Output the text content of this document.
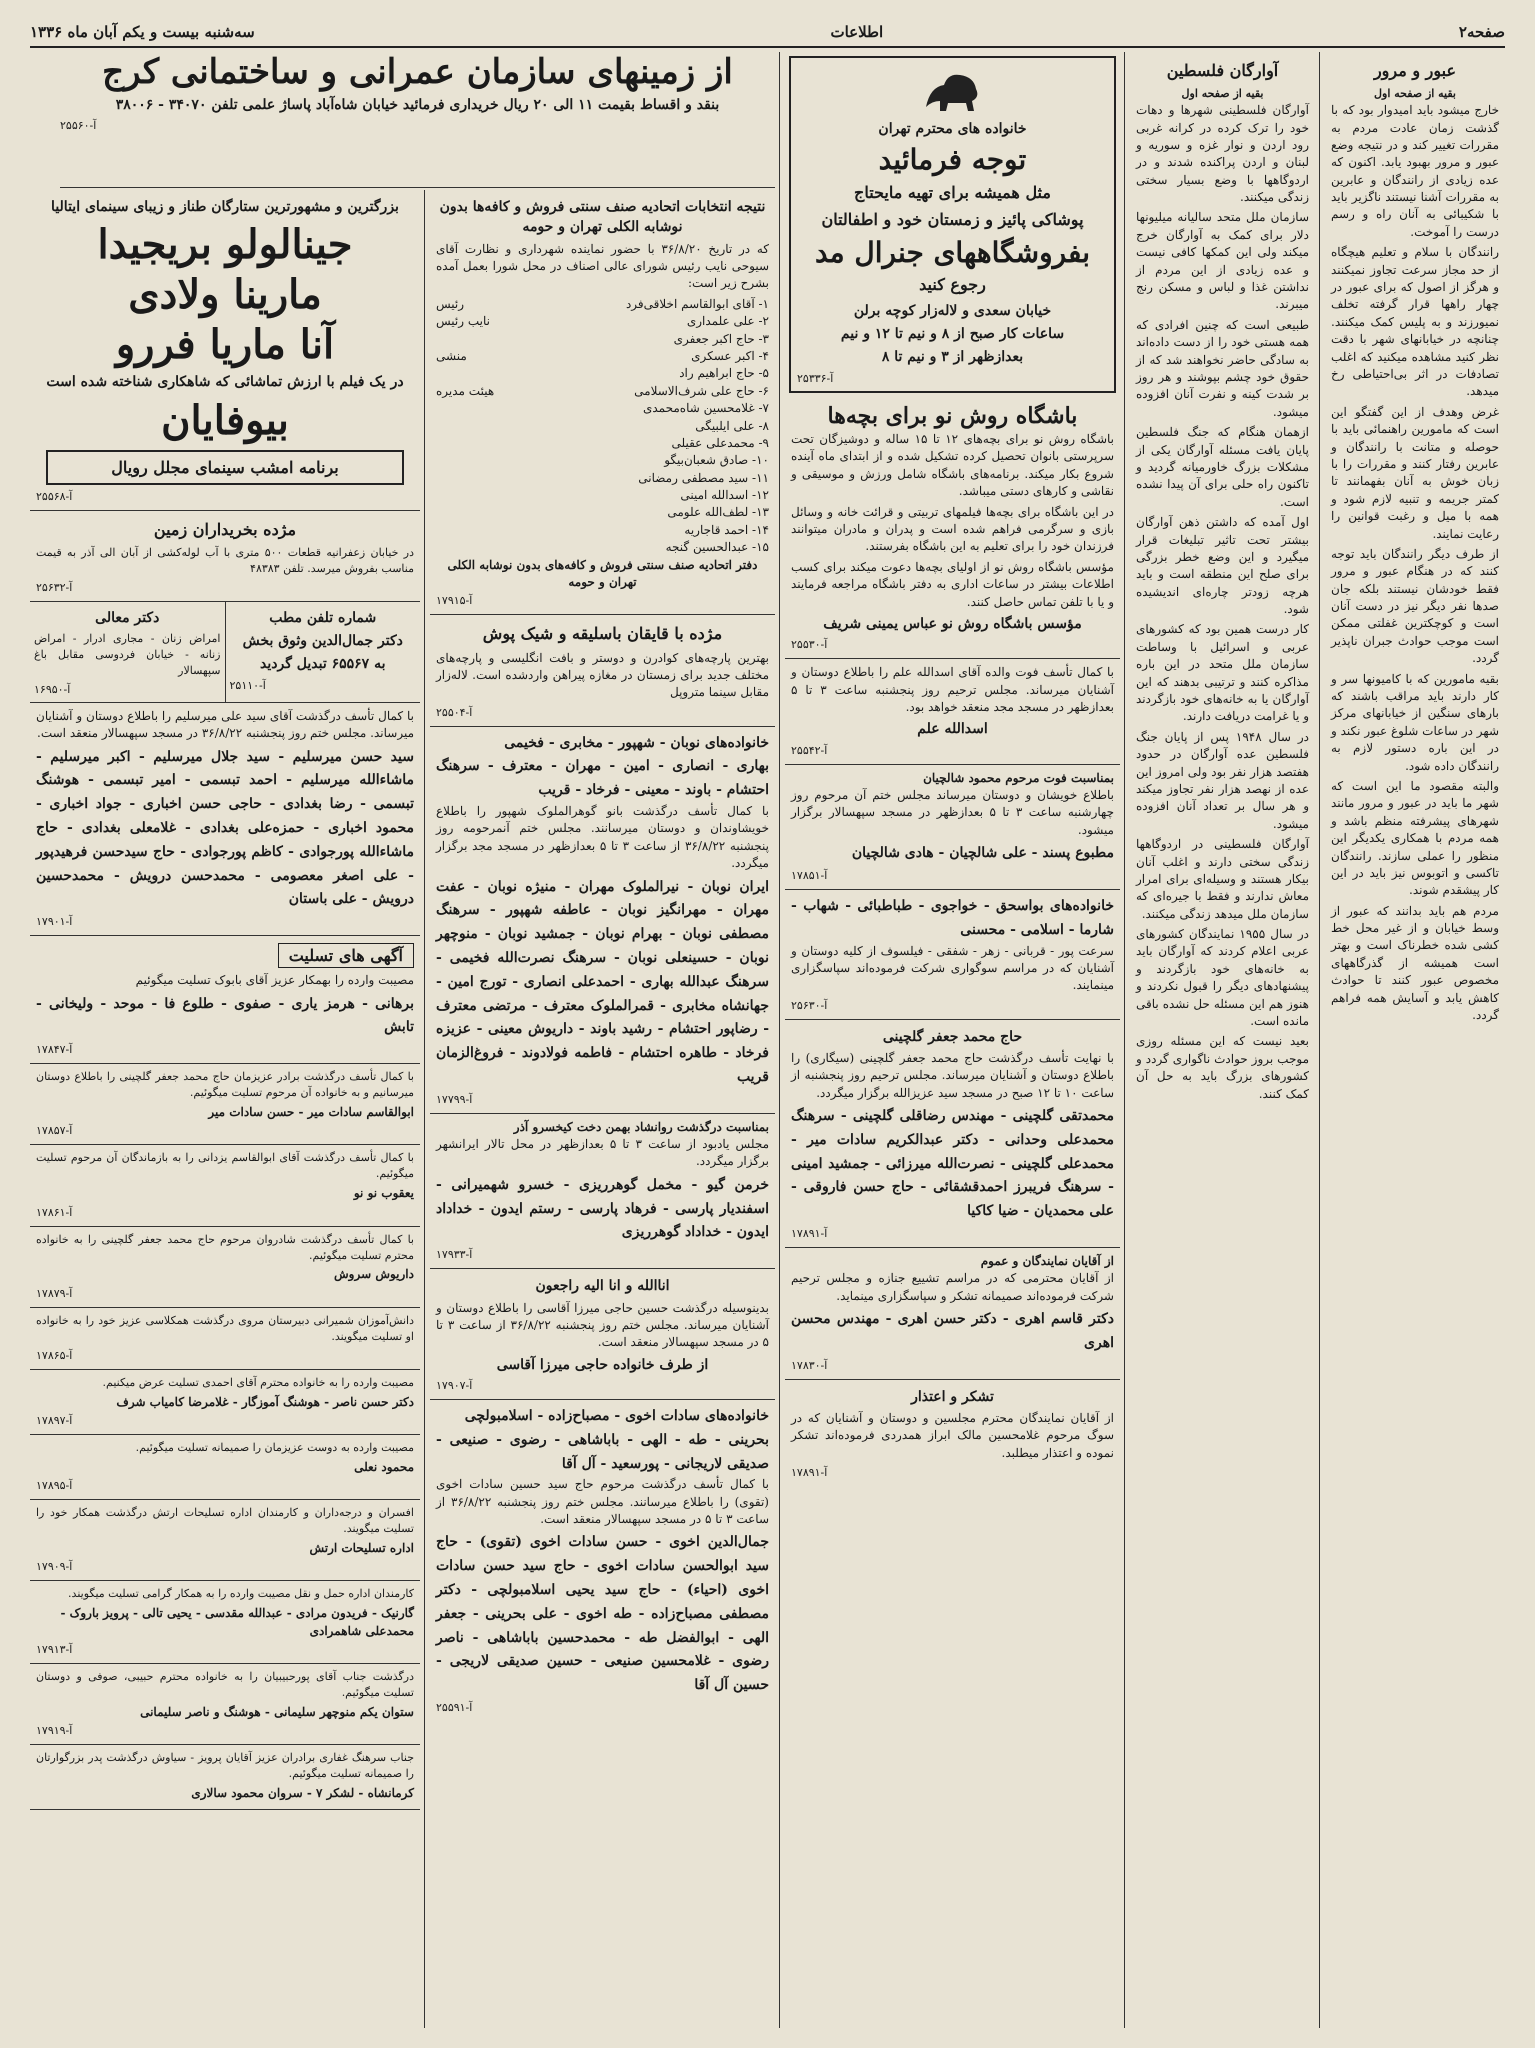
صفحه۲
اطلاعات
سه‌شنبه بیست و یکم آبان ماه ۱۳۳۶
عبور و مرور
بقیه از صفحه اول

خارج میشود باید امیدوار بود که با گذشت زمان عادت مردم به مقررات تغییر کند و در نتیجه وضع عبور و مرور بهبود یابد. اکنون که عده زیادی از رانندگان و عابرین به مقررات آشنا نیستند ناگزیر باید با شکیبائی به آنان راه و رسم درست را آموخت.

رانندگان با سلام و تعلیم هیچگاه از حد مجاز سرعت تجاوز نمیکنند و هرگز از اصول که برای عبور در چهار راهها قرار گرفته تخلف نمیورزند و به پلیس کمک میکنند. چنانچه در خیابانهای شهر با دقت نظر کنید مشاهده میکنید که اغلب تصادفات در اثر بی‌احتیاطی رخ میدهد.

غرض وهدف از این گفتگو این است که مامورین راهنمائی باید با حوصله و متانت با رانندگان و عابرین رفتار کنند و مقررات را با زبان خوش به آنان بفهمانند تا کمتر جریمه و تنبیه لازم شود و همه با میل و رغبت قوانین را رعایت نمایند.

از طرف دیگر رانندگان باید توجه کنند که در هنگام عبور و مرور فقط خودشان نیستند بلکه جان صدها نفر دیگر نیز در دست آنان است و کوچکترین غفلتی ممکن است موجب حوادث جبران ناپذیر گردد.

بقیه مامورین که با کامیونها سر و کار دارند باید مراقب باشند که بارهای سنگین از خیابانهای مرکز شهر در ساعات شلوغ عبور نکند و در این باره دستور لازم به رانندگان داده شود.

والبته مقصود ما این است که شهر ما باید در عبور و مرور مانند شهرهای پیشرفته منظم باشد و همه مردم با همکاری یکدیگر این منظور را عملی سازند. رانندگان تاکسی و اتوبوس نیز باید در این کار پیشقدم شوند.

مردم هم باید بدانند که عبور از وسط خیابان و از غیر محل خط کشی شده خطرناک است و بهتر است همیشه از گذرگاههای مخصوص عبور کنند تا حوادث کاهش یابد و آسایش همه فراهم گردد.

آوارگان فلسطین
بقیه از صفحه اول

آوارگان فلسطینی شهرها و دهات خود را ترک کرده در کرانه غربی رود اردن و نوار غزه و سوریه و لبنان و اردن پراکنده شدند و در اردوگاهها با وضع بسیار سختی زندگی میکنند.

سازمان ملل متحد سالیانه میلیونها دلار برای کمک به آوارگان خرج میکند ولی این کمکها کافی نیست و عده زیادی از این مردم از نداشتن غذا و لباس و مسکن رنج میبرند.

طبیعی است که چنین افرادی که همه هستی خود را از دست داده‌اند به سادگی حاضر نخواهند شد که از حقوق خود چشم بپوشند و هر روز بر شدت کینه و نفرت آنان افزوده میشود.

ازهمان هنگام که جنگ فلسطین پایان یافت مسئله آوارگان یکی از مشکلات بزرگ خاورمیانه گردید و تاکنون راه حلی برای آن پیدا نشده است.

اول آمده که داشتن ذهن آوارگان بیشتر تحت تاثیر تبلیغات قرار میگیرد و این وضع خطر بزرگی برای صلح این منطقه است و باید هرچه زودتر چاره‌ای اندیشیده شود.

کار درست همین بود که کشورهای عربی و اسرائیل با وساطت سازمان ملل متحد در این باره مذاکره کنند و ترتیبی بدهند که این آوارگان یا به خانه‌های خود بازگردند و یا غرامت دریافت دارند.

در سال ۱۹۴۸ پس از پایان جنگ فلسطین عده آوارگان در حدود هفتصد هزار نفر بود ولی امروز این عده از نهصد هزار نفر تجاوز میکند و هر سال بر تعداد آنان افزوده میشود.

آوارگان فلسطینی در اردوگاهها زندگی سختی دارند و اغلب آنان بیکار هستند و وسیله‌ای برای امرار معاش ندارند و فقط با جیره‌ای که سازمان ملل میدهد زندگی میکنند.

در سال ۱۹۵۵ نمایندگان کشورهای عربی اعلام کردند که آوارگان باید به خانه‌های خود بازگردند و پیشنهادهای دیگر را قبول نکردند و هنوز هم این مسئله حل نشده باقی مانده است.

بعید نیست که این مسئله روزی موجب بروز حوادث ناگواری گردد و کشورهای بزرگ باید به حل آن کمک کنند.

خانواده های محترم تهران
توجه فرمائید
مثل همیشه برای تهیه مایحتاج
پوشاکی پائیز و زمستان خود و اطفالتان
بفروشگاههای جنرال مد
رجوع کنید
خیابان سعدی و لاله‌زار کوچه برلن
ساعات کار صبح از ۸ و نیم تا ۱۲ و نیم
بعدازظهر از ۳ و نیم تا ۸
آ-۲۵۳۳۶
باشگاه روش نو برای بچه‌ها

باشگاه روش نو برای بچه‌های ۱۲ تا ۱۵ ساله و دوشیزگان تحت سرپرستی بانوان تحصیل کرده تشکیل شده و از ابتدای ماه آینده شروع بکار میکند. برنامه‌های باشگاه شامل ورزش و موسیقی و نقاشی و کارهای دستی میباشد.

در این باشگاه برای بچه‌ها فیلمهای تربیتی و قرائت خانه و وسائل بازی و سرگرمی فراهم شده است و پدران و مادران میتوانند فرزندان خود را برای تعلیم به این باشگاه بفرستند.

مؤسس باشگاه روش نو از اولیای بچه‌ها دعوت میکند برای کسب اطلاعات بیشتر در ساعات اداری به دفتر باشگاه مراجعه فرمایند و یا با تلفن تماس حاصل کنند.

مؤسس باشگاه روش نو عباس یمینی شریف
آ-۲۵۵۳۰

با کمال تأسف فوت والده آقای اسدالله علم را باطلاع دوستان و آشنایان میرساند. مجلس ترحیم روز پنجشنبه ساعت ۳ تا ۵ بعدازظهر در مسجد مجد منعقد خواهد بود.

اسدالله علم
آ-۲۵۵۴۲
بمناسبت فوت مرحوم محمود شالچیان

باطلاع خویشان و دوستان میرساند مجلس ختم آن مرحوم روز چهارشنبه ساعت ۳ تا ۵ بعدازظهر در مسجد سپهسالار برگزار میشود.

مطبوع پسند - علی شالچیان - هادی شالچیان
آ-۱۷۸۵۱
خانواده‌های بواسحق - خواجوی - طباطبائی - شهاب - شارما - اسلامی - محسنی

سرعت پور - قربانی - زهر - شفقی - فیلسوف از کلیه دوستان و آشنایان که در مراسم سوگواری شرکت فرموده‌اند سپاسگزاری مینمایند.

آ-۲۵۶۳۰
حاج محمد جعفر گلچینی

با نهایت تأسف درگذشت حاج محمد جعفر گلچینی (سیگاری) را باطلاع دوستان و آشنایان میرساند. مجلس ترحیم روز پنجشنبه از ساعت ۱۰ تا ۱۲ صبح در مسجد سید عزیزالله برگزار میگردد.

محمدتقی گلچینی - مهندس رضاقلی گلچینی - سرهنگ محمدعلی وحدانی - دکتر عبدالکریم سادات میر - محمدعلی گلچینی - نصرت‌الله میرزائی - جمشید امینی - سرهنگ فریبرز احمدقشقائی - حاج حسن فاروقی - علی محمدیان - ضیا کاکیا
آ-۱۷۸۹۱
از آقایان نمایندگان و عموم

از آقایان محترمی که در مراسم تشییع جنازه و مجلس ترحیم شرکت فرموده‌اند صمیمانه تشکر و سپاسگزاری مینماید.

دکتر قاسم اهری - دکتر حسن اهری - مهندس محسن اهری
آ-۱۷۸۳۰
تشکر و اعتذار

از آقایان نمایندگان محترم مجلسین و دوستان و آشنایان که در سوگ مرحوم غلامحسین مالک ابراز همدردی فرموده‌اند تشکر نموده و اعتذار میطلبد.

آ-۱۷۸۹۱
نتیجه انتخابات اتحادیه صنف سنتی فروش و کافه‌ها بدون نوشابه الکلی تهران و حومه

که در تاریخ ۳۶/۸/۲۰ با حضور نماینده شهرداری و نظارت آقای سیوحی نایب رئیس شورای عالی اصناف در محل شورا بعمل آمده بشرح زیر است:

۱- آقای ابوالقاسم اخلاقی‌فرد
رئیس
۲- علی علمداری
نایب رئیس
۳- حاج اکبر جعفری
۴- اکبر عسکری
منشی
۵- حاج ابراهیم راد
۶- حاج علی شرف‌الاسلامی
هیئت مدیره
۷- غلامحسین شاه‌محمدی
۸- علی ایلبیگی
۹- محمدعلی عقیلی
۱۰- صادق شعبان‌بیگو
۱۱- سید مصطفی رمضانی
۱۲- اسدالله امینی
۱۳- لطف‌الله علومی
۱۴- احمد قاجاریه
۱۵- عبدالحسین گنجه
دفتر اتحادیه صنف سنتی فروش و کافه‌های بدون نوشابه الکلی تهران و حومه
آ-۱۷۹۱۵
مژده با قایقان باسلیقه و شیک پوش

بهترین پارچه‌های کوادرن و دوستر و بافت انگلیسی و پارچه‌های مختلف جدید برای زمستان در مغازه پیراهن واردشده است. لاله‌زار مقابل سینما متروپل

آ-۲۵۵۰۴
خانواده‌های نوبان - شهپور - مخابری - فخیمی
بهاری - انصاری - امین - مهران - معترف - سرهنگ احتشام - باوند - معینی - فرخاد - قریب

با کمال تأسف درگذشت بانو گوهرالملوک شهپور را باطلاع خویشاوندان و دوستان میرسانند. مجلس ختم آنمرحومه روز پنجشنبه ۳۶/۸/۲۲ از ساعت ۳ تا ۵ بعدازظهر در مسجد مجد برگزار میگردد.

ایران نوبان - نیرالملوک مهران - منیژه نوبان - عفت مهران - مهرانگیز نوبان - عاطفه شهپور - سرهنگ مصطفی نوبان - بهرام نوبان - جمشید نوبان - منوچهر نوبان - حسینعلی نوبان - سرهنگ نصرت‌الله فخیمی - سرهنگ عبدالله بهاری - احمدعلی انصاری - تورج امین - جهانشاه مخابری - قمرالملوک معترف - مرتضی معترف - رضاپور احتشام - رشید باوند - داریوش معینی - عزیزه فرخاد - طاهره احتشام - فاطمه فولادوند - فروغ‌الزمان قریب
آ-۱۷۷۹۹
بمناسبت درگذشت روانشاد بهمن دخت کیخسرو آذر

مجلس یادبود از ساعت ۳ تا ۵ بعدازظهر در محل تالار ایرانشهر برگزار میگردد.

خرمن گیو - مخمل گوهرریزی - خسرو شهمیرانی - اسفندیار پارسی - فرهاد پارسی - رستم ایدون - خداداد ایدون - خداداد گوهرریزی
آ-۱۷۹۳۳
اناالله و انا الیه راجعون

بدینوسیله درگذشت حسین حاجی میرزا آقاسی را باطلاع دوستان و آشنایان میرساند. مجلس ختم روز پنجشنبه ۳۶/۸/۲۲ از ساعت ۳ تا ۵ در مسجد سپهسالار منعقد است.

از طرف خانواده حاجی میرزا آقاسی
آ-۱۷۹۰۷
خانواده‌های سادات اخوی - مصباح‌زاده - اسلامبولچی
بحرینی - طه - الهی - باباشاهی - رضوی - صنیعی - صدیقی لاریجانی - پورسعید - آل آقا

با کمال تأسف درگذشت مرحوم حاج سید حسین سادات اخوی (تقوی) را باطلاع میرسانند. مجلس ختم روز پنجشنبه ۳۶/۸/۲۲ از ساعت ۳ تا ۵ در مسجد سپهسالار منعقد است.

جمال‌الدین اخوی - حسن سادات اخوی (تقوی) - حاج سید ابوالحسن سادات اخوی - حاج سید حسن سادات اخوی (احیاء) - حاج سید یحیی اسلامبولچی - دکتر مصطفی مصباح‌زاده - طه اخوی - علی بحرینی - جعفر الهی - ابوالفضل طه - محمدحسین باباشاهی - ناصر رضوی - غلامحسین صنیعی - حسین صدیقی لاریجی - حسین آل آقا
آ-۲۵۵۹۱
از زمینهای سازمان عمرانی و ساختمانی کرج
بنقد و اقساط بقیمت ۱۱ الی ۲۰ ریال خریداری فرمائید خیابان شاه‌آباد پاساژ علمی تلفن ۳۴۰۷۰ - ۳۸۰۰۶
آ-۲۵۵۶۰
بزرگترین و مشهورترین ستارگان طناز و زیبای سینمای ایتالیا
جینالولو بریجیدا
مارینا ولادی
آنا ماریا فررو
در یک فیلم با ارزش تماشائی که شاهکاری شناخته شده است
بیوفایان
برنامه امشب سینمای مجلل رویال
آ-۲۵۵۶۸
مژده بخریداران زمین

در خیابان زعفرانیه قطعات ۵۰۰ متری با آب لوله‌کشی از آبان الی آذر به قیمت مناسب بفروش میرسد. تلفن ۴۸۳۸۳

آ-۲۵۶۳۲
شماره تلفن مطب
دکتر جمال‌الدین وثوق بخش
به ۶۵۵۶۷ تبدیل گردید
آ-۲۵۱۱۰
دکتر معالی

امراض زنان - مجاری ادرار - امراض زنانه - خیابان فردوسی مقابل باغ سپهسالار

آ-۱۶۹۵۰

با کمال تأسف درگذشت آقای سید علی میرسلیم را باطلاع دوستان و آشنایان میرساند. مجلس ختم روز پنجشنبه ۳۶/۸/۲۲ در مسجد سپهسالار منعقد است.

سید حسن میرسلیم - سید جلال میرسلیم - اکبر میرسلیم - ماشاءالله میرسلیم - احمد تبسمی - امیر تبسمی - هوشنگ تبسمی - رضا بغدادی - حاجی حسن اخباری - جواد اخباری - محمود اخباری - حمزه‌علی بغدادی - غلامعلی بغدادی - حاج ماشاءالله پورجوادی - کاظم پورجوادی - حاج سیدحسن فرهیدپور - علی اصغر معصومی - محمدحسن درویش - محمدحسین درویش - علی باستان
آ-۱۷۹۰۱
آگهی های تسلیت

مصیبت وارده را بهمکار عزیز آقای بابوک تسلیت میگوئیم

برهانی - هرمز یاری - صفوی - طلوع فا - موحد - ولیخانی - تابش
آ-۱۷۸۴۷

با کمال تأسف درگذشت برادر عزیزمان حاج محمد جعفر گلچینی را باطلاع دوستان میرسانیم و به خانواده آن مرحوم تسلیت میگوئیم.

ابوالقاسم سادات میر - حسن سادات میر
آ-۱۷۸۵۷

با کمال تأسف درگذشت آقای ابوالقاسم یزدانی را به بازماندگان آن مرحوم تسلیت میگوئیم.

یعقوب نو نو
آ-۱۷۸۶۱

با کمال تأسف درگذشت شادروان مرحوم حاج محمد جعفر گلچینی را به خانواده محترم تسلیت میگوئیم.

داریوش سروش
آ-۱۷۸۷۹

دانش‌آموزان شمیرانی دبیرستان مروی درگذشت همکلاسی عزیز خود را به خانواده او تسلیت میگویند.

آ-۱۷۸۶۵

مصیبت وارده را به خانواده محترم آقای احمدی تسلیت عرض میکنیم.

دکتر حسن ناصر - هوشنگ آموزگار - غلامرضا کامیاب شرف
آ-۱۷۸۹۷

مصیبت وارده به دوست عزیزمان را صمیمانه تسلیت میگوئیم.

محمود نعلی
آ-۱۷۸۹۵

افسران و درجه‌داران و کارمندان اداره تسلیحات ارتش درگذشت همکار خود را تسلیت میگویند.

اداره تسلیحات ارتش
آ-۱۷۹۰۹

کارمندان اداره حمل و نقل مصیبت وارده را به همکار گرامی تسلیت میگویند.

گارنیک - فریدون مرادی - عبدالله مقدسی - یحیی تالی - پرویز باروک - محمدعلی شاهمرادی
آ-۱۷۹۱۳

درگذشت جناب آقای پورحبیبیان را به خانواده محترم حبیبی، صوفی و دوستان تسلیت میگوئیم.

ستوان یکم منوچهر سلیمانی - هوشنگ و ناصر سلیمانی
آ-۱۷۹۱۹

جناب سرهنگ غفاری برادران عزیز آقایان پرویز - سیاوش درگذشت پدر بزرگوارتان را صمیمانه تسلیت میگوئیم.

کرمانشاه - لشکر ۷ - سروان محمود سالاری
